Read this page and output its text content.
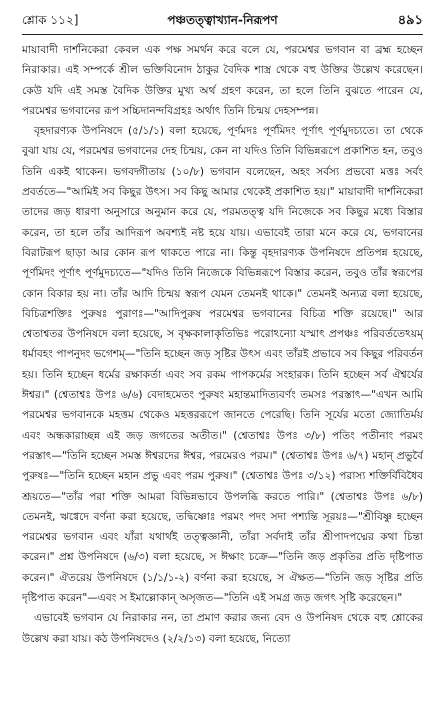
শ্লোক ১১২]	পঞ্চতত্ত্বাখ্যান-নিরূপণ	৪৯১

মায়াবাদী দার্শনিকেরা কেবল এক পক্ষ সমর্থন করে বলে যে, পরমেশ্বর ভগবান বা ব্রহ্ম হচ্ছেন নিরাকার। এই সম্পর্কে শ্রীল ভক্তিবিনোদ ঠাকুর বৈদিক শাস্ত্র থেকে বহু উক্তির উল্লেখ করেছেন। কেউ যদি এই সমস্ত বৈদিক উক্তির মুখ্য অর্থ গ্রহণ করেন, তা হলে তিনি বুঝতে পারেন যে, পরমেশ্বর ভগবানের রূপ সচ্চিদানন্দবিগ্রহঃ অর্থাৎ তিনি চিন্ময় দেহসম্পন্ন।

বৃহদারণ্যক উপনিষদে (৫/১/১) বলা হয়েছে, পূর্ণমদঃ পূর্ণমিদং পূর্ণাৎ পূর্ণমুদচ্যতে। তা থেকে বুঝা যায় যে, পরমেশ্বর ভগবানের দেহ চিন্ময়, কেন না যদিও তিনি বিভিন্নরূপে প্রকাশিত হন, তবুও তিনি একই থাকেন। ভগবদ্গীতায় (১০/৮) ভগবান বলেছেন, অহং সর্বস্য প্রভবো মত্তঃ সর্বং প্রবর্ততে—"আমিই সব কিছুর উৎস। সব কিছু আমার থেকেই প্রকাশিত হয়।" মায়াবাদী দার্শনিকেরা তাদের জড় ধারণা অনুসারে অনুমান করে যে, পরমতত্ত্ব যদি নিজেকে সব কিছুর মধ্যে বিস্তার করেন, তা হলে তাঁর আদিরূপ অবশ্যই নষ্ট হয়ে যায়। এভাবেই তারা মনে করে যে, ভগবানের বিরাটরূপ ছাড়া আর কোন রূপ থাকতে পারে না। কিন্তু বৃহদারণ্যক উপনিষদে প্রতিপন্ন হয়েছে, পূর্ণমিদং পূর্ণাৎ পূর্ণমুদচ্যতে—"যদিও তিনি নিজেকে বিভিন্নরূপে বিস্তার করেন, তবুও তাঁর স্বরূপের কোন বিকার হয় না। তাঁর আদি চিন্ময় স্বরূপ যেমন তেমনই থাকে।" তেমনই অন্যত্র বলা হয়েছে, বিচিত্রশক্তিঃ পুরুষঃ পুরাণঃ—"আদিপুরুষ পরমেশ্বর ভগবানের বিচিত্র শক্তি রয়েছে।" আর শ্বেতাশ্বতর উপনিষদে বলা হয়েছে, স বৃক্ষকালাকৃতিভিঃ পরোঽন্যো যস্মাৎ প্রপঞ্চঃ পরিবর্ততেঽয়ম্ ধর্মাবহং পাপনুদং ভগেশম্—"তিনি হচ্ছেন জড় সৃষ্টির উৎস এবং তাঁরই প্রভাবে সব কিছুর পরিবর্তন হয়। তিনি হচ্ছেন ধর্মের রক্ষাকর্তা এবং সব রকম পাপকর্মের সংহারক। তিনি হচ্ছেন সর্ব ঐশ্বর্যের ঈশ্বর।" (শ্বেতাশ্বঃ উপঃ ৬/৬) বেদাহমেতং পুরুষং মহান্তমাদিত্যবর্ণং তমসঃ পরস্তাৎ—"এখন আমি পরমেশ্বর ভগবানকে মহত্তম থেকেও মহত্তররূপে জানতে পেরেছি। তিনি সূর্যের মতো জ্যোতির্ময় এবং অন্ধকারাচ্ছন্ন এই জড় জগতের অতীত।" (শ্বেতাশ্বঃ উপঃ ৩/৮) পতিং পতীনাং পরমং পরস্তাৎ—"তিনি হচ্ছেন সমস্ত ঈশ্বরদের ঈশ্বর, পরমেরও পরম।" (শ্বেতাশ্বঃ উপঃ ৬/৭) মহান্ প্রভুর্বৈ পুরুষঃ—"তিনি হচ্ছেন মহান প্রভু এবং পরম পুরুষ।" (শ্বেতাশ্বঃ উপঃ ৩/১২) পরাস্য শক্তির্বিবিধৈব শ্রূয়তে—"তাঁর পরা শক্তি আমরা বিভিন্নভাবে উপলব্ধি করতে পারি।" (শ্বেতাশ্বঃ উপঃ ৬/৮) তেমনই, ঋগ্বেদে বর্ণনা করা হয়েছে, তদ্বিষ্ণোঃ পরমং পদং সদা পশ্যন্তি সূরয়ঃ—"শ্রীবিষ্ণু হচ্ছেন পরমেশ্বর ভগবান এবং যাঁরা যথার্থই তত্ত্বজ্ঞানী, তাঁরা সর্বদাই তাঁর শ্রীপাদপদ্মের কথা চিন্তা করেন।" প্রশ্ন উপনিষদে (৬/৩) বলা হয়েছে, স ঈক্ষাং চক্রে—"তিনি জড় প্রকৃতির প্রতি দৃষ্টিপাত করেন।" ঐতরেয় উপনিষদে (১/১/১-২) বর্ণনা করা হয়েছে, স ঐক্ষত—"তিনি জড় সৃষ্টির প্রতি দৃষ্টিপাত করেন"—এবং স ইমাল্লোকান্ অসৃজত—"তিনি এই সমগ্র জড় জগৎ সৃষ্টি করেছেন।"

এভাবেই ভগবান যে নিরাকার নন, তা প্রমাণ করার জন্য বেদ ও উপনিষদ থেকে বহু শ্লোকের উল্লেখ করা যায়। কঠ উপনিষদেও (২/২/১৩) বলা হয়েছে, নিত্যো
